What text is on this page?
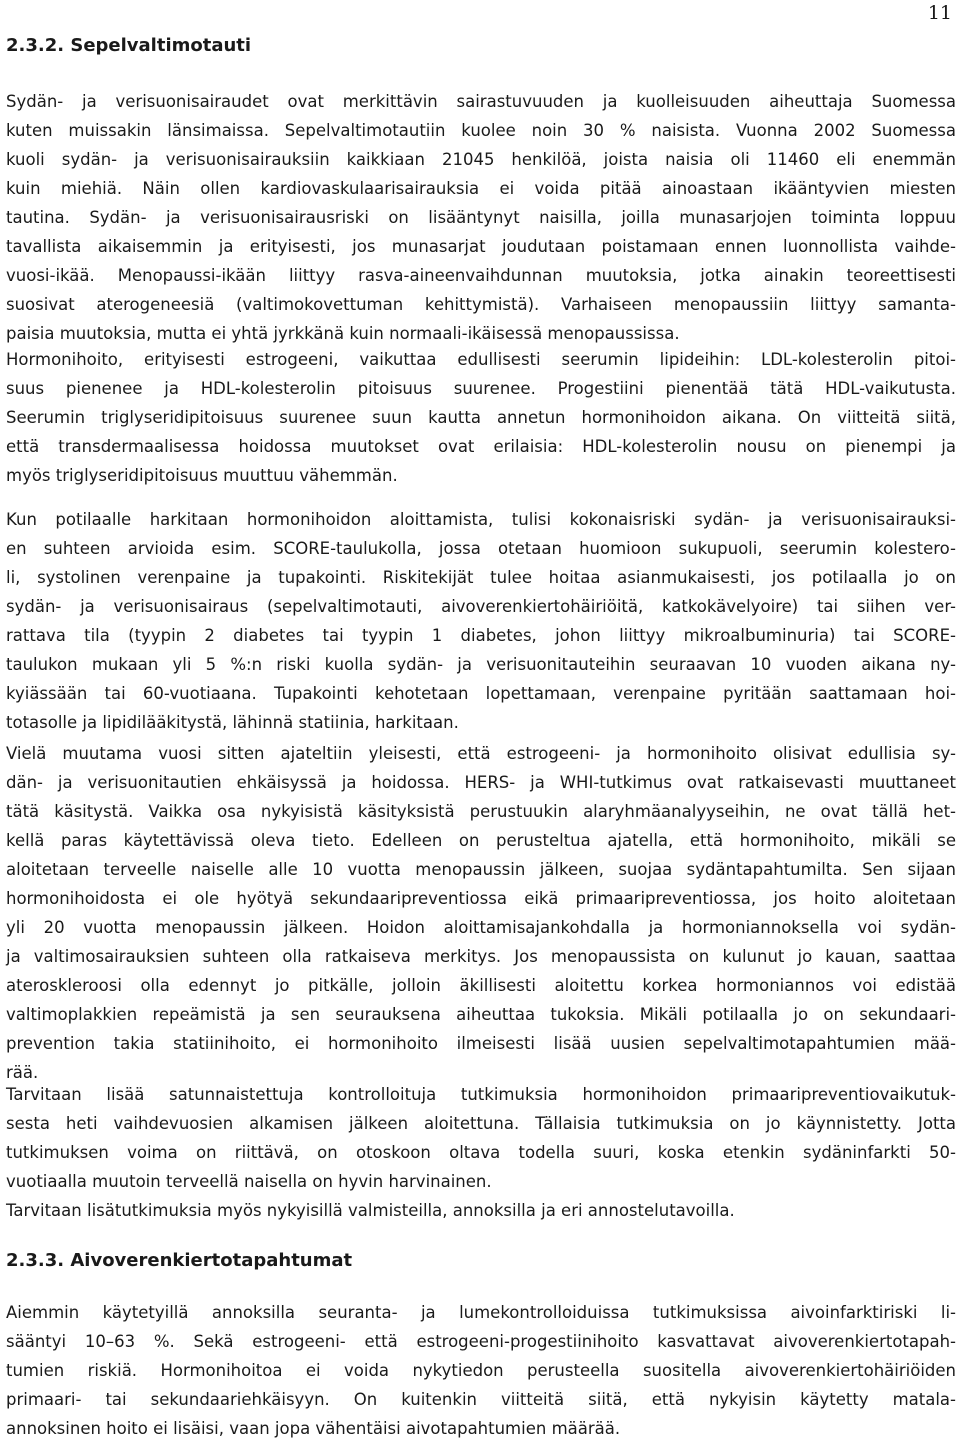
11
2.3.2. Sepelvaltimotauti

Sydän- ja verisuonisairaudet ovat merkittävin sairastuvuuden ja kuolleisuuden aiheuttaja Suomessa
kuten muissakin länsimaissa. Sepelvaltimotautiin kuolee noin 30 % naisista. Vuonna 2002 Suomessa
kuoli sydän- ja verisuonisairauksiin kaikkiaan 21045 henkilöä, joista naisia oli 11460 eli enemmän
kuin miehiä. Näin ollen kardiovaskulaarisairauksia ei voida pitää ainoastaan ikääntyvien miesten
tautina. Sydän- ja verisuonisairausriski on lisääntynyt naisilla, joilla munasarjojen toiminta loppuu
tavallista aikaisemmin ja erityisesti, jos munasarjat joudutaan poistamaan ennen luonnollista vaihde-
vuosi-ikää. Menopaussi-ikään liittyy rasva-aineenvaihdunnan muutoksia, jotka ainakin teoreettisesti
suosivat aterogeneesiä (valtimokovettuman kehittymistä). Varhaiseen menopaussiin liittyy samanta-
paisia muutoksia, mutta ei yhtä jyrkkänä kuin normaali-ikäisessä menopaussissa.

Hormonihoito, erityisesti estrogeeni, vaikuttaa edullisesti seerumin lipideihin: LDL-kolesterolin pitoi-
suus pienenee ja HDL-kolesterolin pitoisuus suurenee. Progestiini pienentää tätä HDL-vaikutusta.
Seerumin triglyseridipitoisuus suurenee suun kautta annetun hormonihoidon aikana. On viitteitä siitä,
että transdermaalisessa hoidossa muutokset ovat erilaisia: HDL-kolesterolin nousu on pienempi ja
myös triglyseridipitoisuus muuttuu vähemmän.

Kun potilaalle harkitaan hormonihoidon aloittamista, tulisi kokonaisriski sydän- ja verisuonisairauksi-
en suhteen arvioida esim. SCORE-taulukolla, jossa otetaan huomioon sukupuoli, seerumin kolestero-
li, systolinen verenpaine ja tupakointi. Riskitekijät tulee hoitaa asianmukaisesti, jos potilaalla jo on
sydän- ja verisuonisairaus (sepelvaltimotauti, aivoverenkiertohäiriöitä, katkokävelyoire) tai siihen ver-
rattava tila (tyypin 2 diabetes tai tyypin 1 diabetes, johon liittyy mikroalbuminuria) tai SCORE-
taulukon mukaan yli 5 %:n riski kuolla sydän- ja verisuonitauteihin seuraavan 10 vuoden aikana ny-
kyiässään tai 60-vuotiaana. Tupakointi kehotetaan lopettamaan, verenpaine pyritään saattamaan hoi-
totasolle ja lipidilääkitystä, lähinnä statiinia, harkitaan.

Vielä muutama vuosi sitten ajateltiin yleisesti, että estrogeeni- ja hormonihoito olisivat edullisia sy-
dän- ja verisuonitautien ehkäisyssä ja hoidossa. HERS- ja WHI-tutkimus ovat ratkaisevasti muuttaneet
tätä käsitystä. Vaikka osa nykyisistä käsityksistä perustuukin alaryhmäanalyyseihin, ne ovat tällä het-
kellä paras käytettävissä oleva tieto. Edelleen on perusteltua ajatella, että hormonihoito, mikäli se
aloitetaan terveelle naiselle alle 10 vuotta menopaussin jälkeen, suojaa sydäntapahtumilta. Sen sijaan
hormonihoidosta ei ole hyötyä sekundaaripreventiossa eikä primaaripreventiossa, jos hoito aloitetaan
yli 20 vuotta menopaussin jälkeen. Hoidon aloittamisajankohdalla ja hormoniannoksella voi sydän-
ja valtimosairauksien suhteen olla ratkaiseva merkitys. Jos menopaussista on kulunut jo kauan, saattaa
ateroskleroosi olla edennyt jo pitkälle, jolloin äkillisesti aloitettu korkea hormoniannos voi edistää
valtimoplakkien repeämistä ja sen seurauksena aiheuttaa tukoksia. Mikäli potilaalla jo on sekundaari-
prevention takia statiinihoito, ei hormonihoito ilmeisesti lisää uusien sepelvaltimotapahtumien mää-
rää.

Tarvitaan lisää satunnaistettuja kontrolloituja tutkimuksia hormonihoidon primaaripreventiovaikutuk-
sesta heti vaihdevuosien alkamisen jälkeen aloitettuna. Tällaisia tutkimuksia on jo käynnistetty. Jotta
tutkimuksen voima on riittävä, on otoskoon oltava todella suuri, koska etenkin sydäninfarkti 50-
vuotiaalla muutoin terveellä naisella on hyvin harvinainen.
Tarvitaan lisätutkimuksia myös nykyisillä valmisteilla, annoksilla ja eri annostelutavoilla.

2.3.3. Aivoverenkiertotapahtumat

Aiemmin käytetyillä annoksilla seuranta- ja lumekontrolloiduissa tutkimuksissa aivoinfarktiriski li-
sääntyi 10–63 %. Sekä estrogeeni- että estrogeeni-progestiinihoito kasvattavat aivoverenkiertotapah-
tumien riskiä. Hormonihoitoa ei voida nykytiedon perusteella suositella aivoverenkiertohäiriöiden
primaari- tai sekundaariehkäisyyn. On kuitenkin viitteitä siitä, että nykyisin käytetty matala-
annoksinen hoito ei lisäisi, vaan jopa vähentäisi aivotapahtumien määrää.
